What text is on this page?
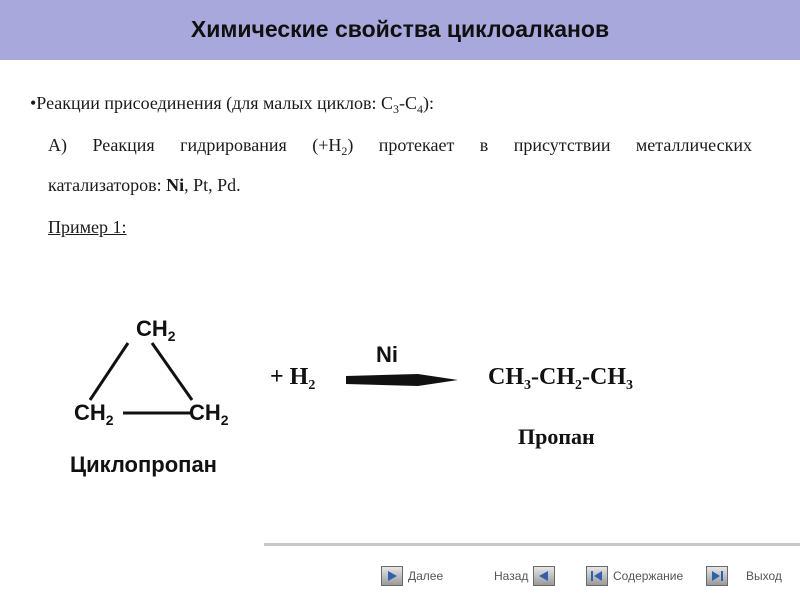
Химические свойства циклоалканов
•Реакции присоединения (для малых циклов: $С_3-С_4$):
А) Реакция гидрирования $(+Н_2)$ протекает в присутствии металлических
катализаторов: Ni, Pt, Pd.
Пример 1:
$CH_2$
$CH_2$	$CH_2$
Циклопропан
+ $H_2$
Ni
$CH_3-CH_2-CH_3$
Пропан
Далее	Назад	Содержание	Выход
